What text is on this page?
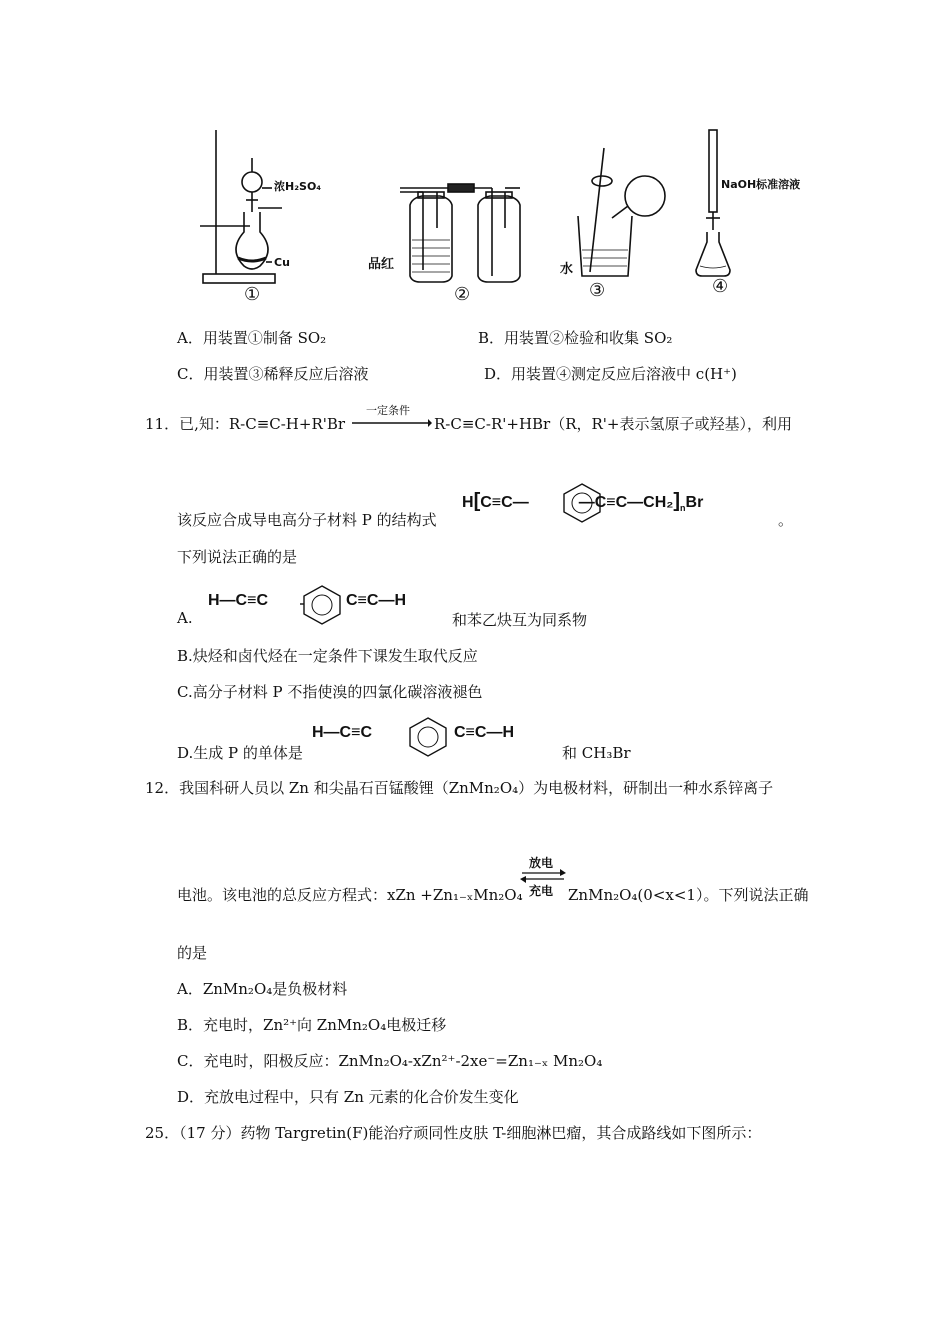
浓H₂SO₄
Cu	品红	水
NaOH标准溶液
①	②	③	④
A．用装置①制备 SO₂	B．用装置②检验和收集 SO₂
C．用装置③稀释反应后溶液	D．用装置④测定反应后溶液中 c(H⁺)
11．已,知：R-C≡C-H+R'Br
一定条件
R-C≡C-R'+HBr（R，R'+表示氢原子或羟基），利用
该反应合成导电高分子材料 P 的结构式
H[C≡C—	$—C\equiv C—CH_2]_nBr$
。
下列说法正确的是
A.
H—C≡C	C≡C—H
和苯乙炔互为同系物
B.炔烃和卤代烃在一定条件下课发生取代反应
C.高分子材料 P 不指使溴的四氯化碳溶液褪色
D.生成 P 的单体是
H—C≡C	C≡C—H
和 CH₃Br
12．我国科研人员以 Zn 和尖晶石百锰酸锂（ZnMn₂O₄）为电极材料，研制出一种水系锌离子
电池。该电池的总反应方程式：xZn +Zn₁₋ₓMn₂O₄
放电
充电 ZnMn₂O₄(0<x<1）。下列说法正确
的是
A．ZnMn₂O₄是负极材料
B．充电时，Zn²⁺向 ZnMn₂O₄电极迁移
C．充电时，阳极反应：ZnMn₂O₄-xZn²⁺-2xe⁻=Zn₁₋ₓ Mn₂O₄
D．充放电过程中，只有 Zn 元素的化合价发生变化
25．（17 分）药物 Targretin(F)能治疗顽同性皮肤 T-细胞淋巴瘤，其合成路线如下图所示：
